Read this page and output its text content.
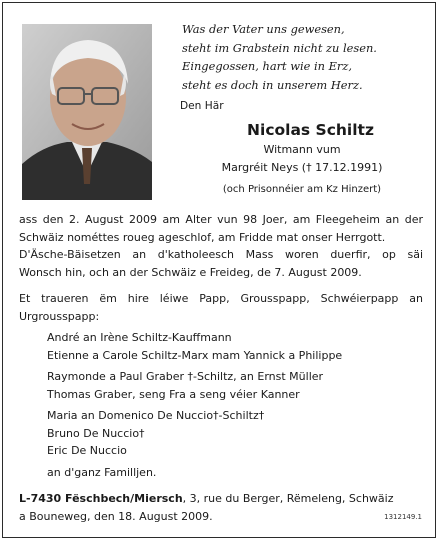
Was der Vater uns gewesen,
steht im Grabstein nicht zu lesen.
Eingegossen, hart wie in Erz,
steht es doch in unserem Herz.
Den Här
Nicolas Schiltz
Witmann vum
Margréit Neys († 17.12.1991)
(och Prisonnéier am Kz Hinzert)
ass den 2. August 2009 am Alter vun 98 Joer, am Fleegeheim an der
Schwäiz nométtes roueg ageschlof, am Fridde mat onser Herrgott.
D'Äsche-Bäisetzen an d'katholeesch Mass woren duerfir, op säi
Wonsch hin, och an der Schwäiz e Freideg, de 7. August 2009.
Et traueren ëm hire léiwe Papp, Grousspapp, Schwéierpapp an
Urgrousspapp:
André an Irène Schiltz-Kauffmann
Etienne a Carole Schiltz-Marx mam Yannick a Philippe
Raymonde a Paul Graber †-Schiltz, an Ernst Müller
Thomas Graber, seng Fra a seng véier Kanner
Maria an Domenico De Nuccio†-Schiltz†
Bruno De Nuccio†
Eric De Nuccio
an d'ganz Familljen.
L-7430 Fëschbech/Miersch, 3, rue du Berger, Rëmeleng, Schwäiz
a Bouneweg, den 18. August 2009.	1312149.1
